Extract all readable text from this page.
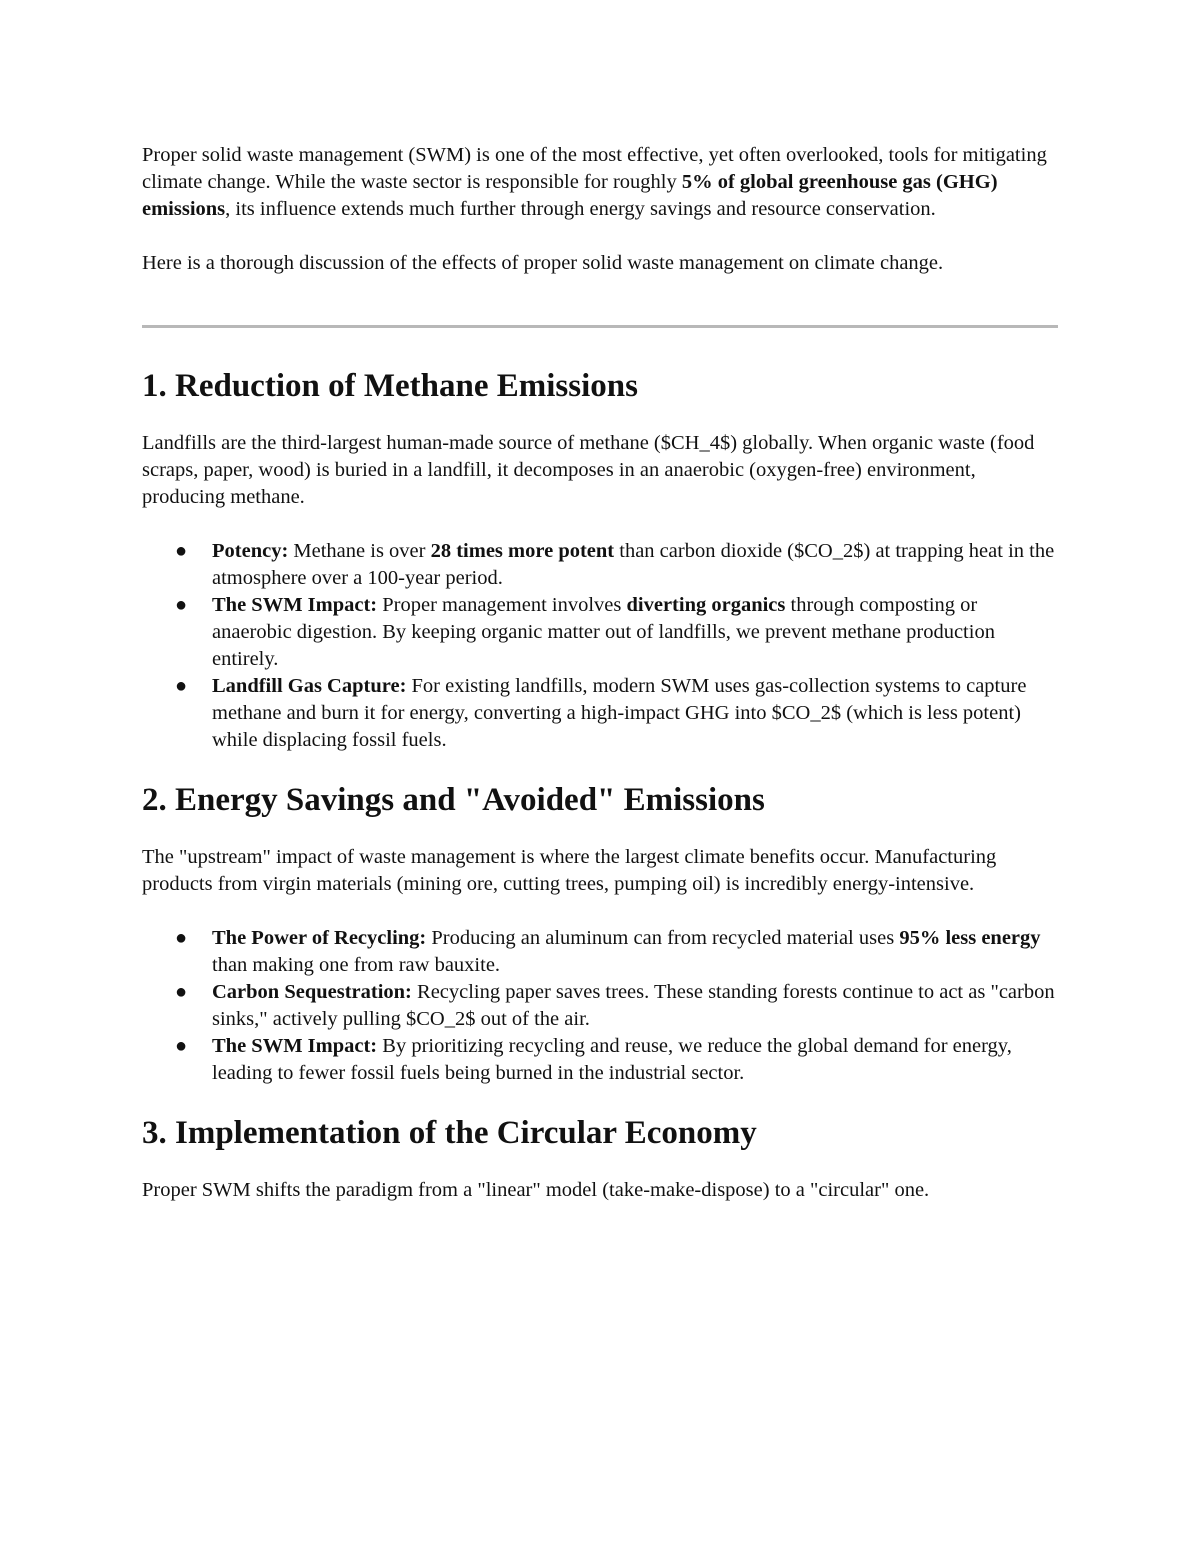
Proper solid waste management (SWM) is one of the most effective, yet often overlooked, tools for mitigating climate change. While the waste sector is responsible for roughly 5% of global greenhouse gas (GHG) emissions, its influence extends much further through energy savings and resource conservation.

Here is a thorough discussion of the effects of proper solid waste management on climate change.

1. Reduction of Methane Emissions

Landfills are the third-largest human-made source of methane ($CH_4$) globally. When organic waste (food scraps, paper, wood) is buried in a landfill, it decomposes in an anaerobic (oxygen-free) environment, producing methane.

● Potency: Methane is over 28 times more potent than carbon dioxide ($CO_2$) at trapping heat in the atmosphere over a 100-year period.
● The SWM Impact: Proper management involves diverting organics through composting or anaerobic digestion. By keeping organic matter out of landfills, we prevent methane production entirely.
● Landfill Gas Capture: For existing landfills, modern SWM uses gas-collection systems to capture methane and burn it for energy, converting a high-impact GHG into $CO_2$ (which is less potent) while displacing fossil fuels.
2. Energy Savings and "Avoided" Emissions

The "upstream" impact of waste management is where the largest climate benefits occur. Manufacturing products from virgin materials (mining ore, cutting trees, pumping oil) is incredibly energy-intensive.

● The Power of Recycling: Producing an aluminum can from recycled material uses 95% less energy than making one from raw bauxite.
● Carbon Sequestration: Recycling paper saves trees. These standing forests continue to act as "carbon sinks," actively pulling $CO_2$ out of the air.
● The SWM Impact: By prioritizing recycling and reuse, we reduce the global demand for energy, leading to fewer fossil fuels being burned in the industrial sector.
3. Implementation of the Circular Economy

Proper SWM shifts the paradigm from a "linear" model (take-make-dispose) to a "circular" one.
